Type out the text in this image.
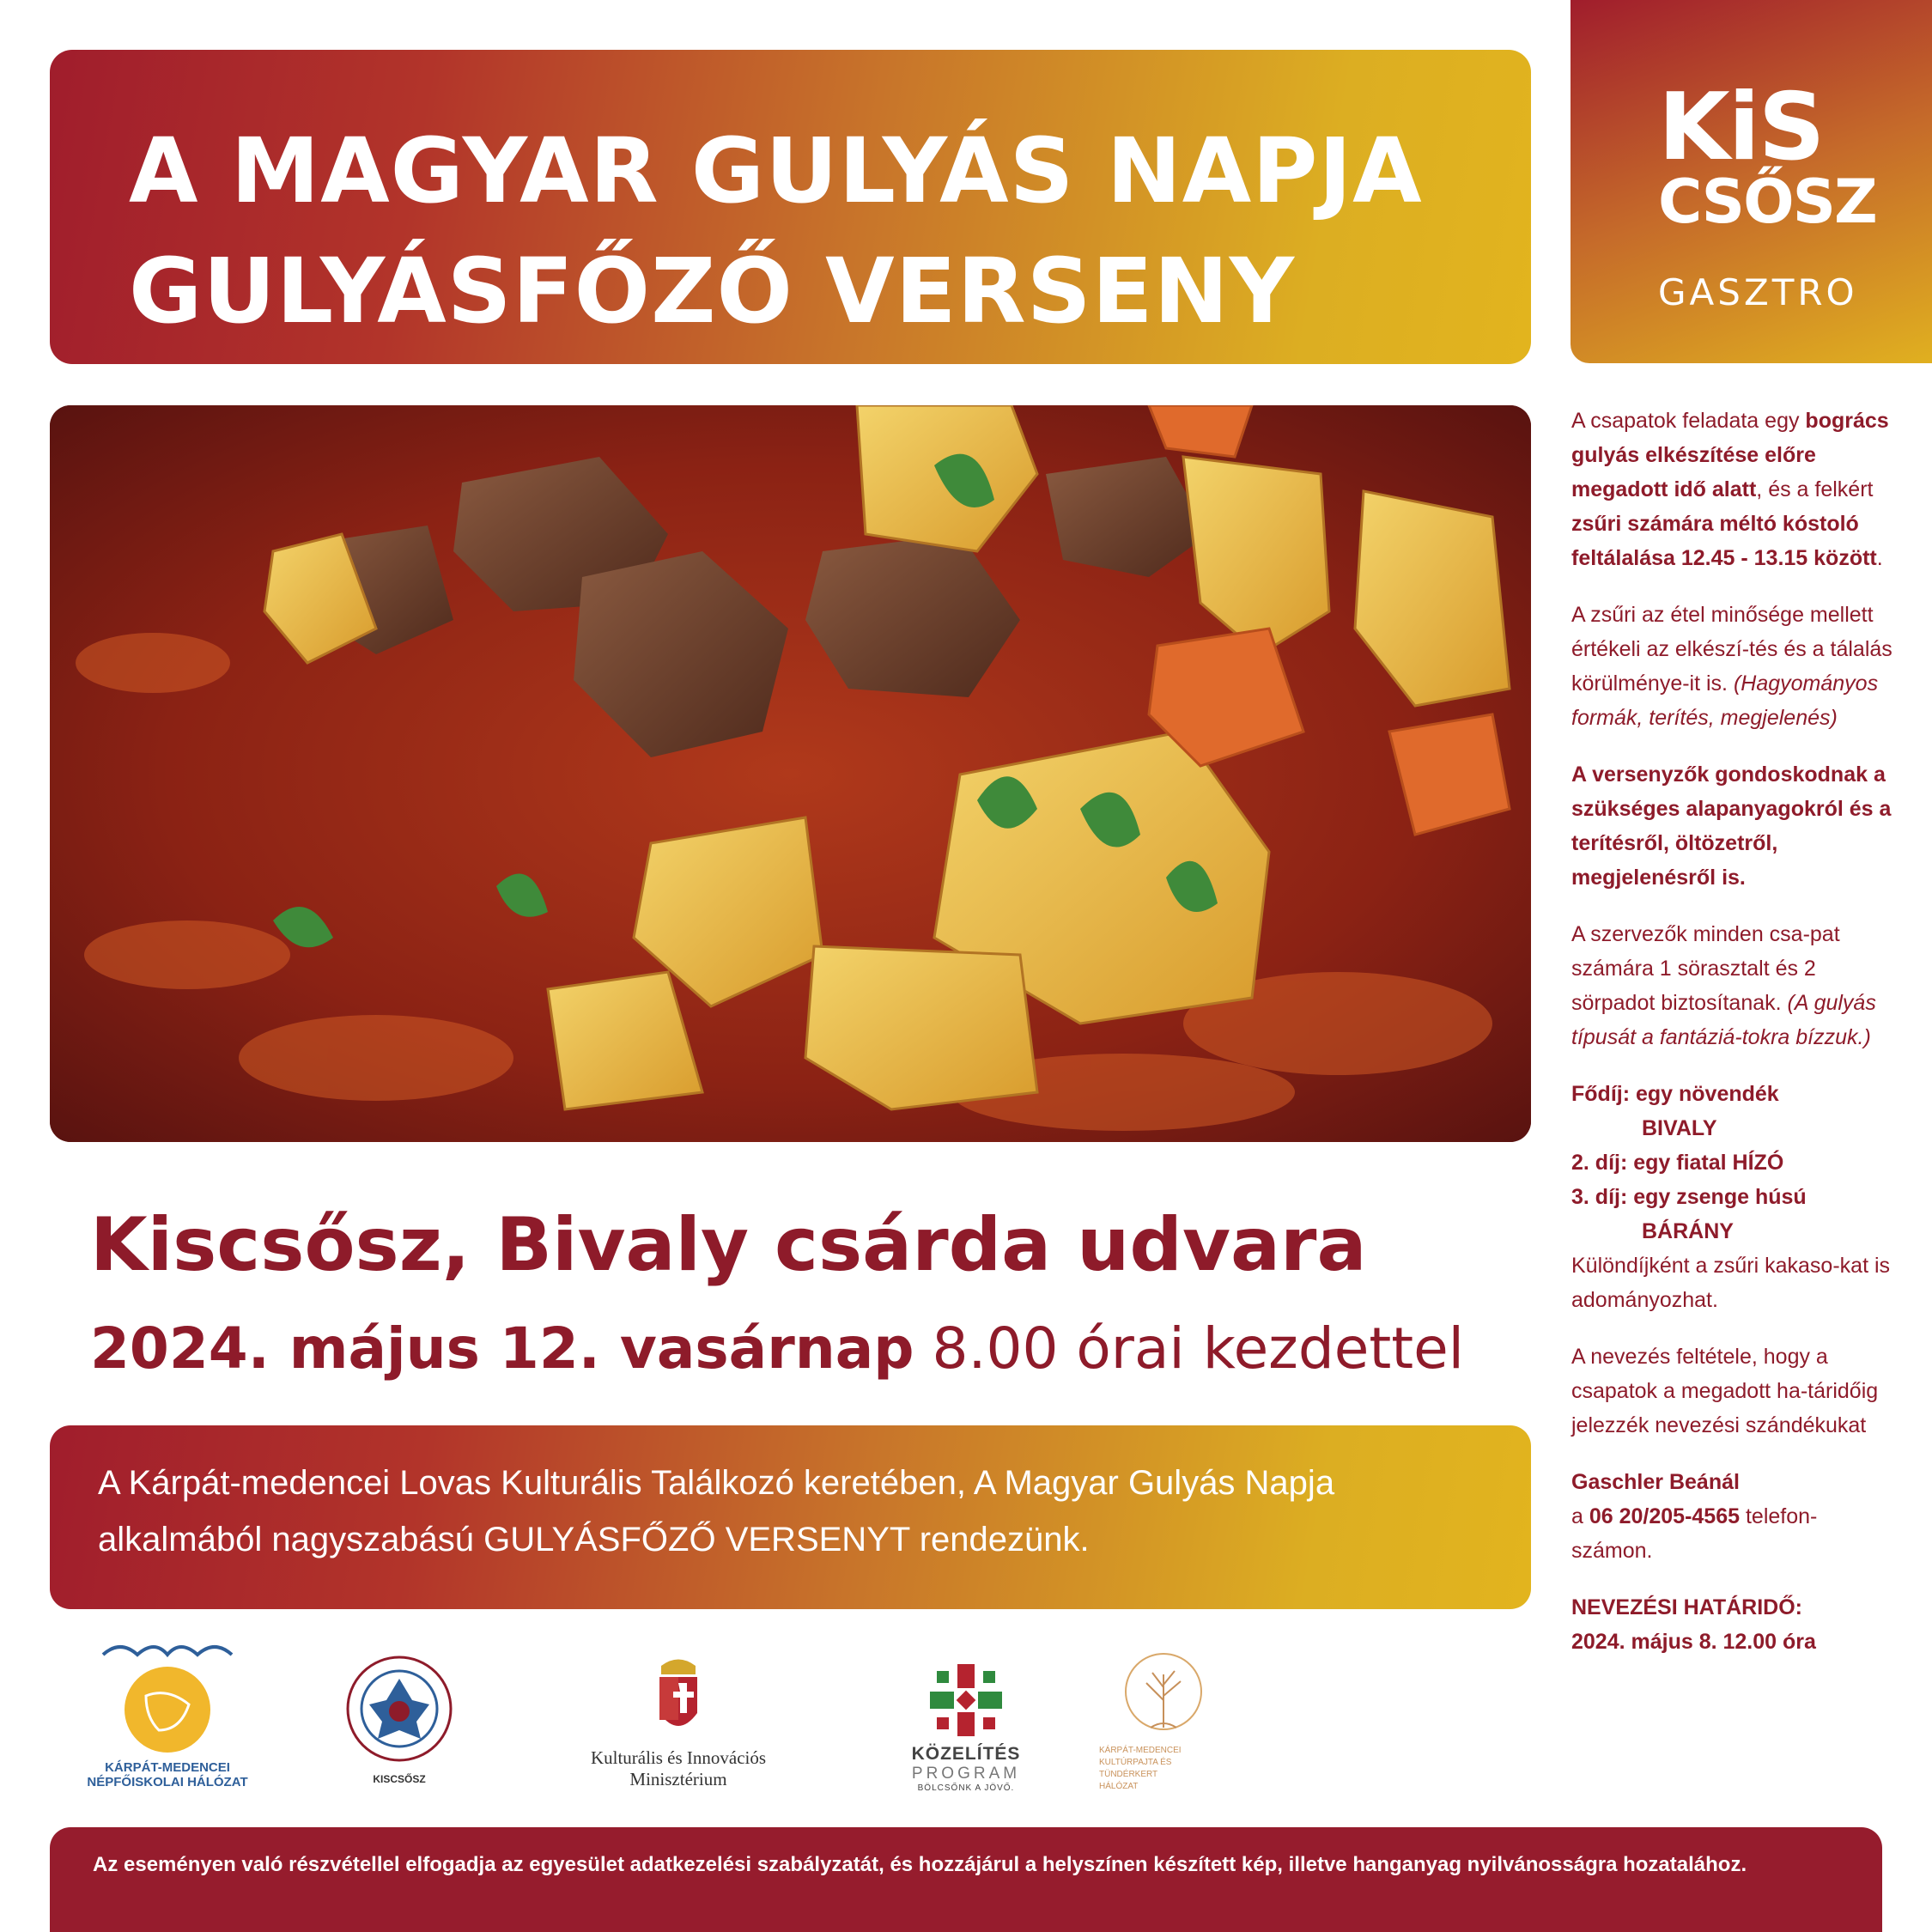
A MAGYAR GULYÁS NAPJA
GULYÁSFŐZŐ VERSENY
KiS
CSŐSZ
GASZTRO
Kiscsősz, Bivaly csárda udvara
2024. május 12. vasárnap 8.00 órai kezdettel
A Kárpát-medencei Lovas Kulturális Találkozó keretében, A Magyar Gulyás Napja alkalmából nagyszabású GULYÁSFŐZŐ VERSENYT rendezünk.
KÁRPÁT-MEDENCEI
NÉPFŐISKOLAI HÁLÓZAT	KISCSŐSZ
Kulturális és Innovációs
Minisztérium
KÖZELÍTÉS
PROGRAM
BÖLCSŐNK A JÖVŐ.
KÁRPÁT-MEDENCEI
KULTÚRPAJTA ÉS
TÜNDÉRKERT
HÁLÓZAT

A csapatok feladata egy bogrács gulyás elkészítése előre megadott idő alatt, és a felkért zsűri számára méltó kóstoló feltálalása 12.45 - 13.15 között.

A zsűri az étel minősége mellett értékeli az elkészí-tés és a tálalás körülménye-it is. (Hagyományos formák, terítés, megjelenés)

A versenyzők gondoskodnak a szükséges alapanyagokról és a terítésről, öltözetről, megjelenésről is.

A szervezők minden csa-pat számára 1 sörasztalt és 2 sörpadot biztosítanak. (A gulyás típusát a fantáziá-tokra bízzuk.)

Fődíj: egy növendék
BIVALY
2. díj: egy fiatal HÍZÓ
3. díj: egy zsenge húsú
BÁRÁNY
Különdíjként a zsűri kakaso-kat is adományozhat.

A nevezés feltétele, hogy a csapatok a megadott ha-táridőig jelezzék nevezési szándékukat

Gaschler Beánál
a 06 20/205-4565 telefon-számon.

NEVEZÉSI HATÁRIDŐ:
2024. május 8. 12.00 óra

Az eseményen való részvétellel elfogadja az egyesület adatkezelési szabályzatát, és hozzájárul a helyszínen készített kép, illetve hanganyag nyilvánosságra hozatalához.
